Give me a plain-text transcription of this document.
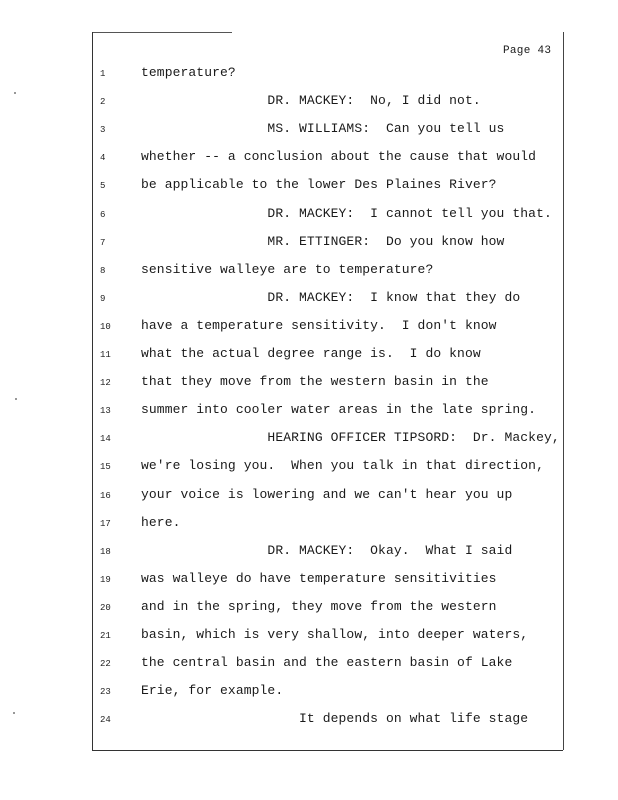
Page 43
1	temperature?
2	DR. MACKEY:  No, I did not.
3	MS. WILLIAMS:  Can you tell us
4	whether -- a conclusion about the cause that would
5	be applicable to the lower Des Plaines River?
6	DR. MACKEY:  I cannot tell you that.
7	MR. ETTINGER:  Do you know how
8	sensitive walleye are to temperature?
9	DR. MACKEY:  I know that they do
10	have a temperature sensitivity.  I don't know
11	what the actual degree range is.  I do know
12	that they move from the western basin in the
13	summer into cooler water areas in the late spring.
14	HEARING OFFICER TIPSORD:  Dr. Mackey,
15	we're losing you.  When you talk in that direction,
16	your voice is lowering and we can't hear you up
17	here.
18	DR. MACKEY:  Okay.  What I said
19	was walleye do have temperature sensitivities
20	and in the spring, they move from the western
21	basin, which is very shallow, into deeper waters,
22	the central basin and the eastern basin of Lake
23	Erie, for example.
24	It depends on what life stage
